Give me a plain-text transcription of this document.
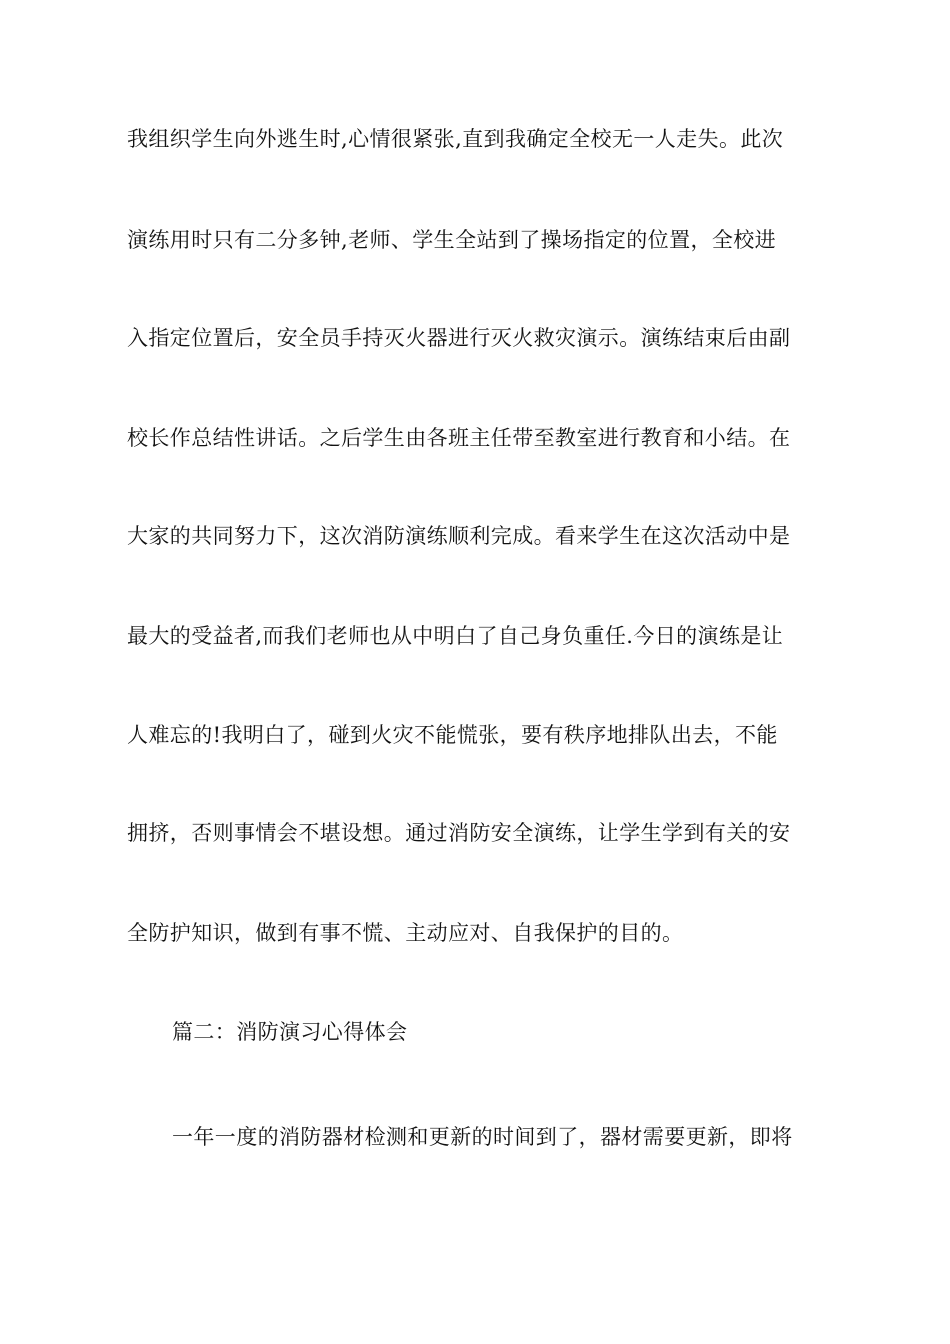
我组织学生向外逃生时,心情很紧张,直到我确定全校无一人走失。此次
演练用时只有二分多钟,老师、学生全站到了操场指定的位置，全校进
入指定位置后，安全员手持灭火器进行灭火救灾演示。演练结束后由副
校长作总结性讲话。之后学生由各班主任带至教室进行教育和小结。在
大家的共同努力下，这次消防演练顺利完成。看来学生在这次活动中是
最大的受益者,而我们老师也从中明白了自己身负重任.今日的演练是让
人难忘的!我明白了，碰到火灾不能慌张，要有秩序地排队出去，不能
拥挤，否则事情会不堪设想。通过消防安全演练，让学生学到有关的安
全防护知识，做到有事不慌、主动应对、自我保护的目的。
篇二：消防演习心得体会
一年一度的消防器材检测和更新的时间到了，器材需要更新，即将
